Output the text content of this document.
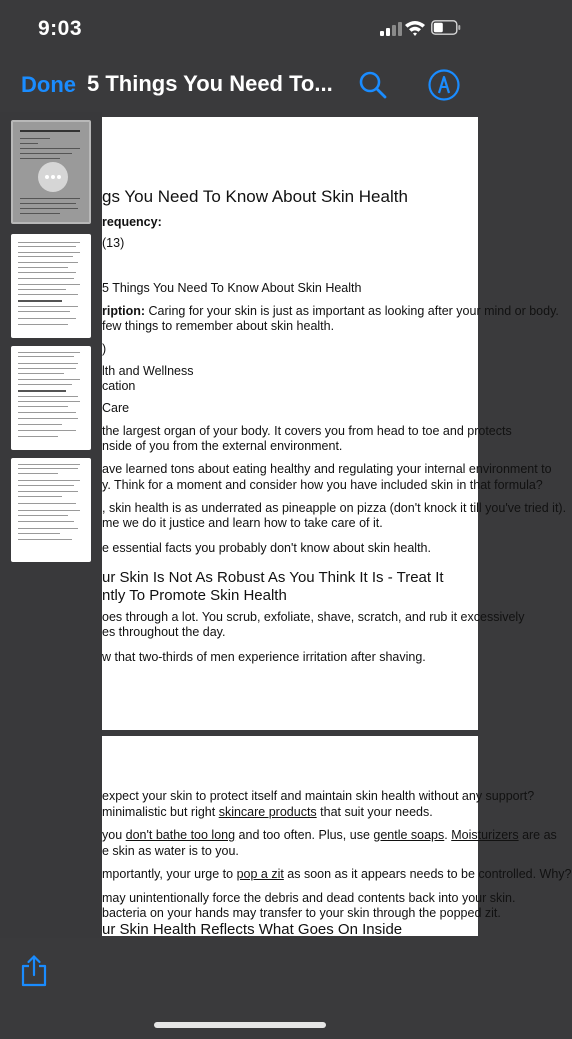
9:03
Done 5 Things You Need To...
gs You Need To Know About Skin Health
requency:
(13)
5 Things You Need To Know About Skin Health
ription: Caring for your skin is just as important as looking after your mind or body.
few things to remember about skin health.
)
lth and Wellness
cation
Care
the largest organ of your body. It covers you from head to toe and protects
nside of you from the external environment.
ave learned tons about eating healthy and regulating your internal environment to
y. Think for a moment and consider how you have included skin in that formula?
, skin health is as underrated as pineapple on pizza (don't knock it till you've tried it).
me we do it justice and learn how to take care of it.
e essential facts you probably don't know about skin health.
ur Skin Is Not As Robust As You Think It Is - Treat It
ntly To Promote Skin Health
oes through a lot. You scrub, exfoliate, shave, scratch, and rub it excessively
es throughout the day.
w that two-thirds of men experience irritation after shaving.
expect your skin to protect itself and maintain skin health without any support?
minimalistic but right skincare products that suit your needs.
you don't bathe too long and too often. Plus, use gentle soaps. Moisturizers are as
e skin as water is to you.
mportantly, your urge to pop a zit as soon as it appears needs to be controlled. Why?
may unintentionally force the debris and dead contents back into your skin.
bacteria on your hands may transfer to your skin through the popped zit.
ur Skin Health Reflects What Goes On Inside
